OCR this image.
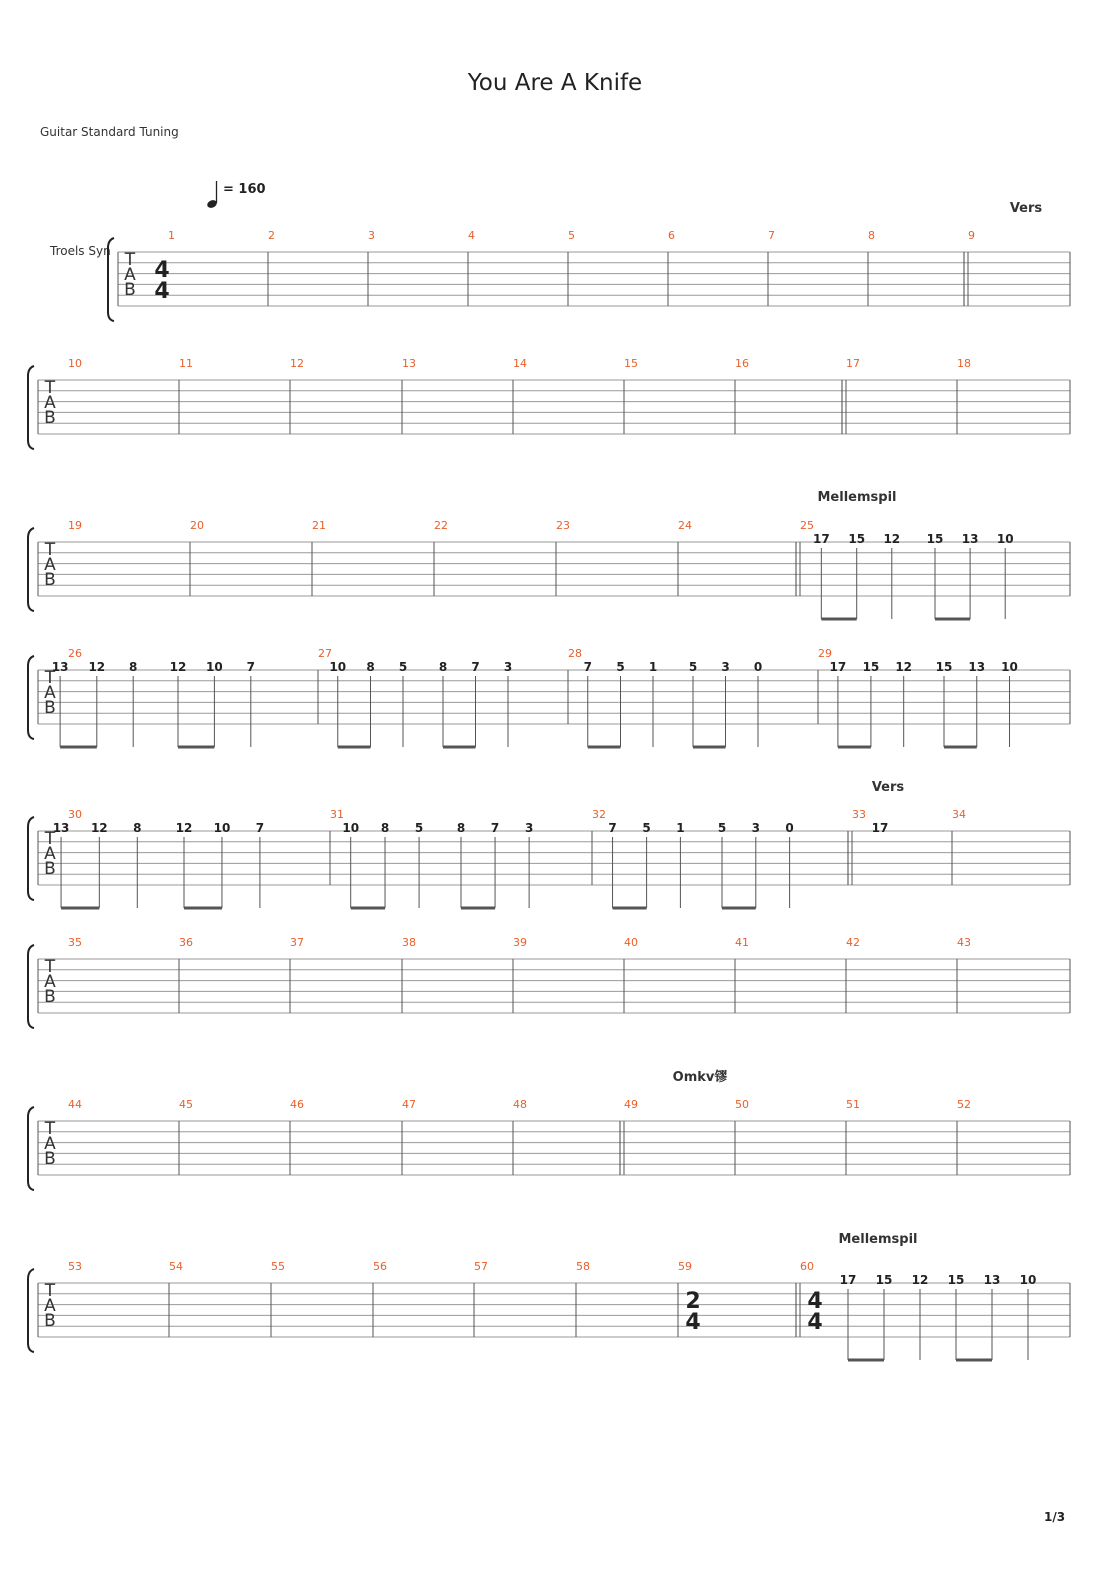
You Are A Knife
Guitar Standard Tuning
1/3
= 160
Troels Syn T
A
B
1
4
4
2	3	4	5	6	7	8	9
Vers
T
A
B
10	11	12	13	14	15	16	17	18
T
A
B
19	20	21	22	23	24	25
Mellemspil
17 15 12 15 13 10
T
A
B
26
13 12 8	12 10 7
27
10 8 5	8 7 3
28
7 5 1	5 3 0
29
17 15 12 15 13 10
T
A
B
30
13 12 8	12 10 7
31
10 8 5	8 7 3
32
7 5 1	5 3 0
33
Vers
17
34
T
A
B
35	36	37	38	39	40	41	42	43
T
A
B
44	45	46	47	48	49
Omkv镠
50	51	52
T
A
B
53	54	55	56	57	58	59
2
4
60
4
4
Mellemspil
17 15 12 15 13 10
